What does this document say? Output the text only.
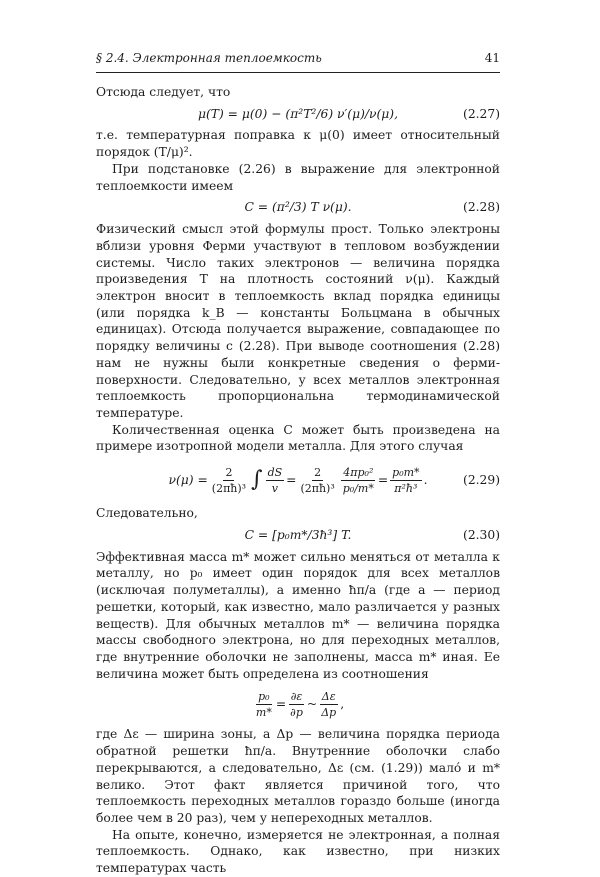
§ 2.4. Электронная теплоемкость	41

Отсюда следует, что

μ(T) = μ(0) − (π²T²/6) ν′(μ)/ν(μ),	(2.27)

т.е. температурная поправка к μ(0) имеет относительный порядок (T/μ)².

При подстановке (2.26) в выражение для электронной теплоемкости имеем

C = (π²/3) T ν(μ).	(2.28)

Физический смысл этой формулы прост. Только электроны вблизи уровня Ферми участвуют в тепловом возбуждении системы. Число таких электронов — величина порядка произведения T на плотность состояний ν(μ). Каждый электрон вносит в теплоемкость вклад порядка единицы (или порядка k_B — константы Больцмана в обычных единицах). Отсюда получается выражение, совпадающее по порядку величины с (2.28). При выводе соотношения (2.28) нам не нужны были конкретные сведения о ферми-поверхности. Следовательно, у всех металлов электронная теплоемкость пропорциональна термодинамической температуре.

Количественная оценка C может быть произведена на примере изотропной модели металла. Для этого случая

$\nu(\mu) = \frac{2}{\text{(2πħ)³}}$ ∫ $\frac{dS}{v} = \frac{2}{\text{(2πħ)³}} \frac{\text{4πp₀²}}{\text{p₀/m*}} = \frac{\text{p₀m*}}{\text{π²ħ³}}$ .	(2.29)

Следовательно,

C = [p₀m*/3ħ³] T.	(2.30)

Эффективная масса m* может сильно меняться от металла к металлу, но p₀ имеет один порядок для всех металлов (исключая полуметаллы), а именно ħπ/a (где a — период решетки, который, как известно, мало различается у разных веществ). Для обычных металлов m* — величина порядка массы свободного электрона, но для переходных металлов, где внутренние оболочки не заполнены, масса m* иная. Ее величина может быть определена из соотношения

$\frac{\text{p₀}}{m*} = \frac{\partial\varepsilon}{\partial p}$ ~ $\frac{\Delta\varepsilon}{\Delta p}$ ,

где Δε — ширина зоны, а Δp — величина порядка периода обратной решетки ħπ/a. Внутренние оболочки слабо перекрываются, а следовательно, Δε (см. (1.29)) мало́ и m* велико. Этот факт является причиной того, что теплоемкость переходных металлов гораздо больше (иногда более чем в 20 раз), чем у непереходных металлов.

На опыте, конечно, измеряется не электронная, а полная теплоемкость. Однако, как известно, при низких температурах часть
